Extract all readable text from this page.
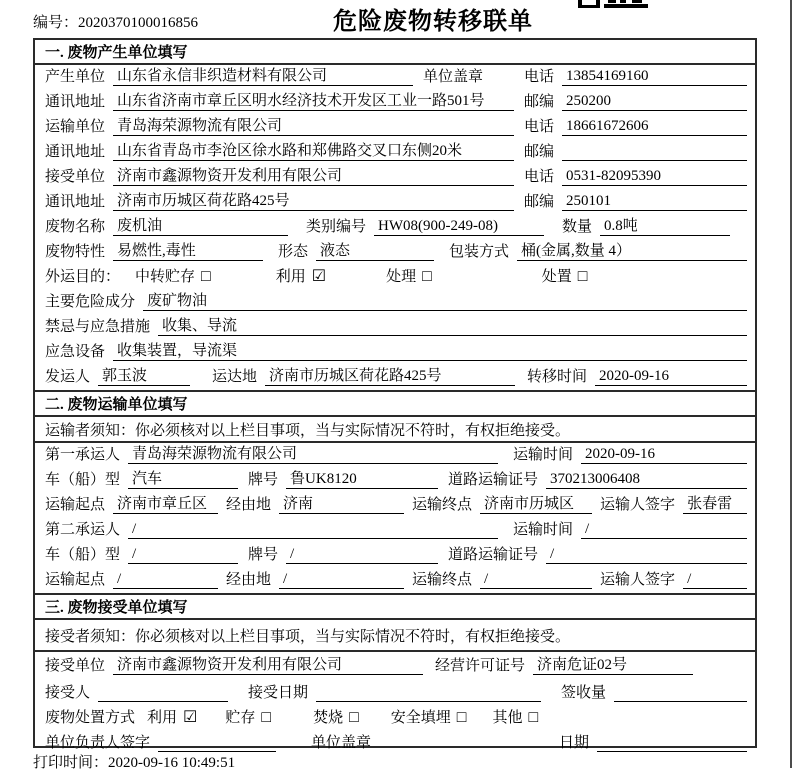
编号：2020370100016856	危险废物转移联单
一. 废物产生单位填写
产生单位 山东省永信非织造材料有限公司	单位盖章	电话 13854169160
通讯地址 山东省济南市章丘区明水经济技术开发区工业一路501号	邮编 250200
运输单位 青岛海荣源物流有限公司	电话 18661672606
通讯地址 山东省青岛市李沧区徐水路和郑佛路交叉口东侧20米	邮编
接受单位 济南市鑫源物资开发利用有限公司	电话 0531-82095390
通讯地址 济南市历城区荷花路425号	邮编 250101
废物名称 废机油	类别编号 HW08(900-249-08)	数量 0.8吨
废物特性 易燃性,毒性	形态 液态	包装方式 桶(金属,数量 4）
外运目的： 中转贮存 □	利用 ☑	处理 □	处置 □
主要危险成分 废矿物油
禁忌与应急措施 收集、导流
应急设备 收集装置，导流渠
发运人 郭玉波	运达地 济南市历城区荷花路425号	转移时间 2020-09-16
二. 废物运输单位填写
运输者须知：你必须核对以上栏目事项，当与实际情况不符时，有权拒绝接受。
第一承运人 青岛海荣源物流有限公司	运输时间 2020-09-16
车（船）型 汽车	牌号 鲁UK8120	道路运输证号 370213006408
运输起点 济南市章丘区	经由地 济南	运输终点 济南市历城区	运输人签字 张春雷
第二承运人 /	运输时间 /
车（船）型 /	牌号 /	道路运输证号 /
运输起点 /	经由地 /	运输终点 /	运输人签字 /
三. 废物接受单位填写
接受者须知：你必须核对以上栏目事项，当与实际情况不符时，有权拒绝接受。
接受单位 济南市鑫源物资开发利用有限公司	经营许可证号 济南危证02号
接受人	接受日期	签收量
废物处置方式 利用 ☑ 贮存 □	焚烧 □ 安全填埋 □ 其他 □
单位负责人签字	单位盖章	日期
打印时间：2020-09-16 10:49:51
